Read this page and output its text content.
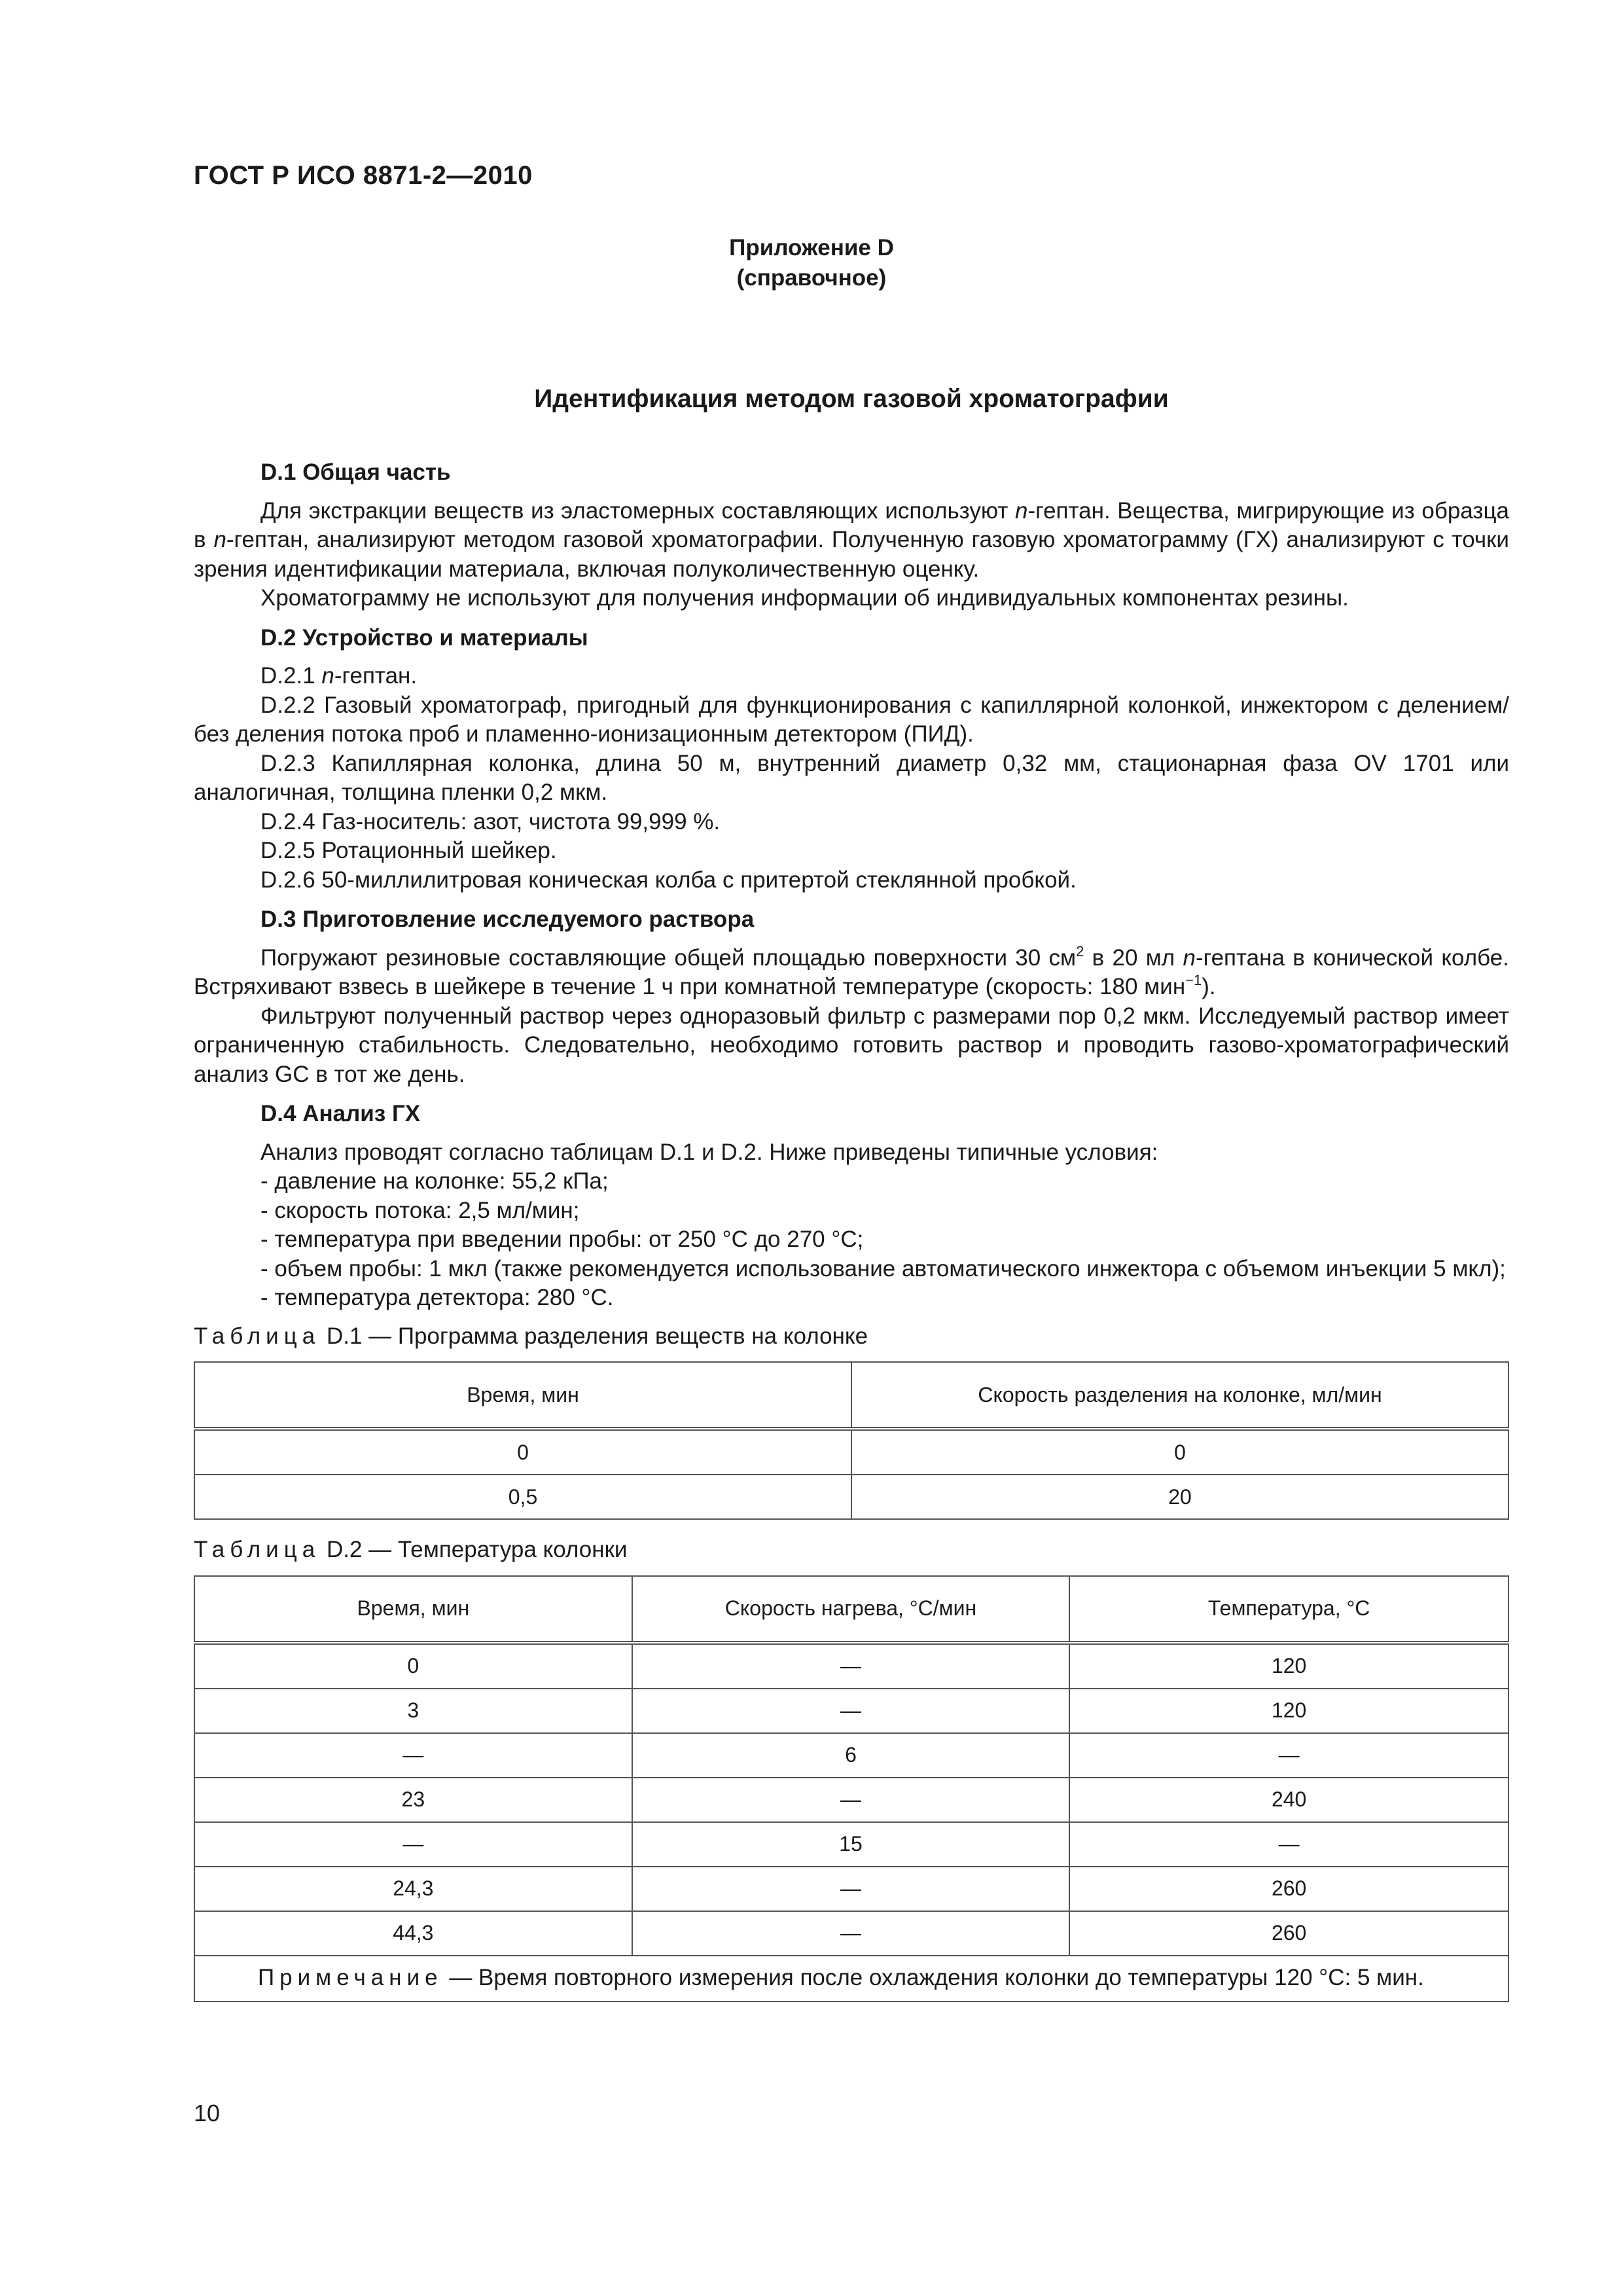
ГОСТ Р ИСО 8871-2—2010
Приложение D
(справочное)
Идентификация методом газовой хроматографии

D.1 Общая часть

Для экстракции веществ из эластомерных составляющих используют n-гептан. Вещества, мигрирующие из образца в n-гептан, анализируют методом газовой хроматографии. Полученную газовую хроматограмму (ГХ) анализируют с точки зрения идентификации материала, включая полуколичественную оценку.

Хроматограмму не используют для получения информации об индивидуальных компонентах резины.

D.2 Устройство и материалы

D.2.1 n-гептан.

D.2.2 Газовый хроматограф, пригодный для функционирования с капиллярной колонкой, инжектором с делением/без деления потока проб и пламенно-ионизационным детектором (ПИД).

D.2.3 Капиллярная колонка, длина 50 м, внутренний диаметр 0,32 мм, стационарная фаза OV 1701 или аналогичная, толщина пленки 0,2 мкм.

D.2.4 Газ-носитель: азот, чистота 99,999 %.

D.2.5 Ротационный шейкер.

D.2.6 50-миллилитровая коническая колба с притертой стеклянной пробкой.

D.3 Приготовление исследуемого раствора

Погружают резиновые составляющие общей площадью поверхности 30 $см^2$ в 20 мл n-гептана в конической колбе. Встряхивают взвесь в шейкере в течение 1 ч при комнатной температуре (скорость: 180 мин$^{-1}$).

Фильтруют полученный раствор через одноразовый фильтр с размерами пор 0,2 мкм. Исследуемый раствор имеет ограниченную стабильность. Следовательно, необходимо готовить раствор и проводить газово-хроматографический анализ GC в тот же день.

D.4 Анализ ГХ

Анализ проводят согласно таблицам D.1 и D.2. Ниже приведены типичные условия:

- давление на колонке: 55,2 кПа;

- скорость потока: 2,5 мл/мин;

- температура при введении пробы: от 250 °С до 270 °С;

- объем пробы: 1 мкл (также рекомендуется использование автоматического инжектора с объемом инъекции 5 мкл);

- температура детектора: 280 °С.

Таблица D.1 — Программа разделения веществ на колонке

Время, мин	Скорость разделения на колонке, мл/мин
0	0
0,5	20

Таблица D.2 — Температура колонки

Время, мин	Скорость нагрева, °С/мин	Температура, °С
0	—	120
3	—	120
—	6	—
23	—	240
—	15	—
24,3	—	260
44,3	—	260
Примечание — Время повторного измерения после охлаждения колонки до температуры 120 °С: 5 мин.		
10
